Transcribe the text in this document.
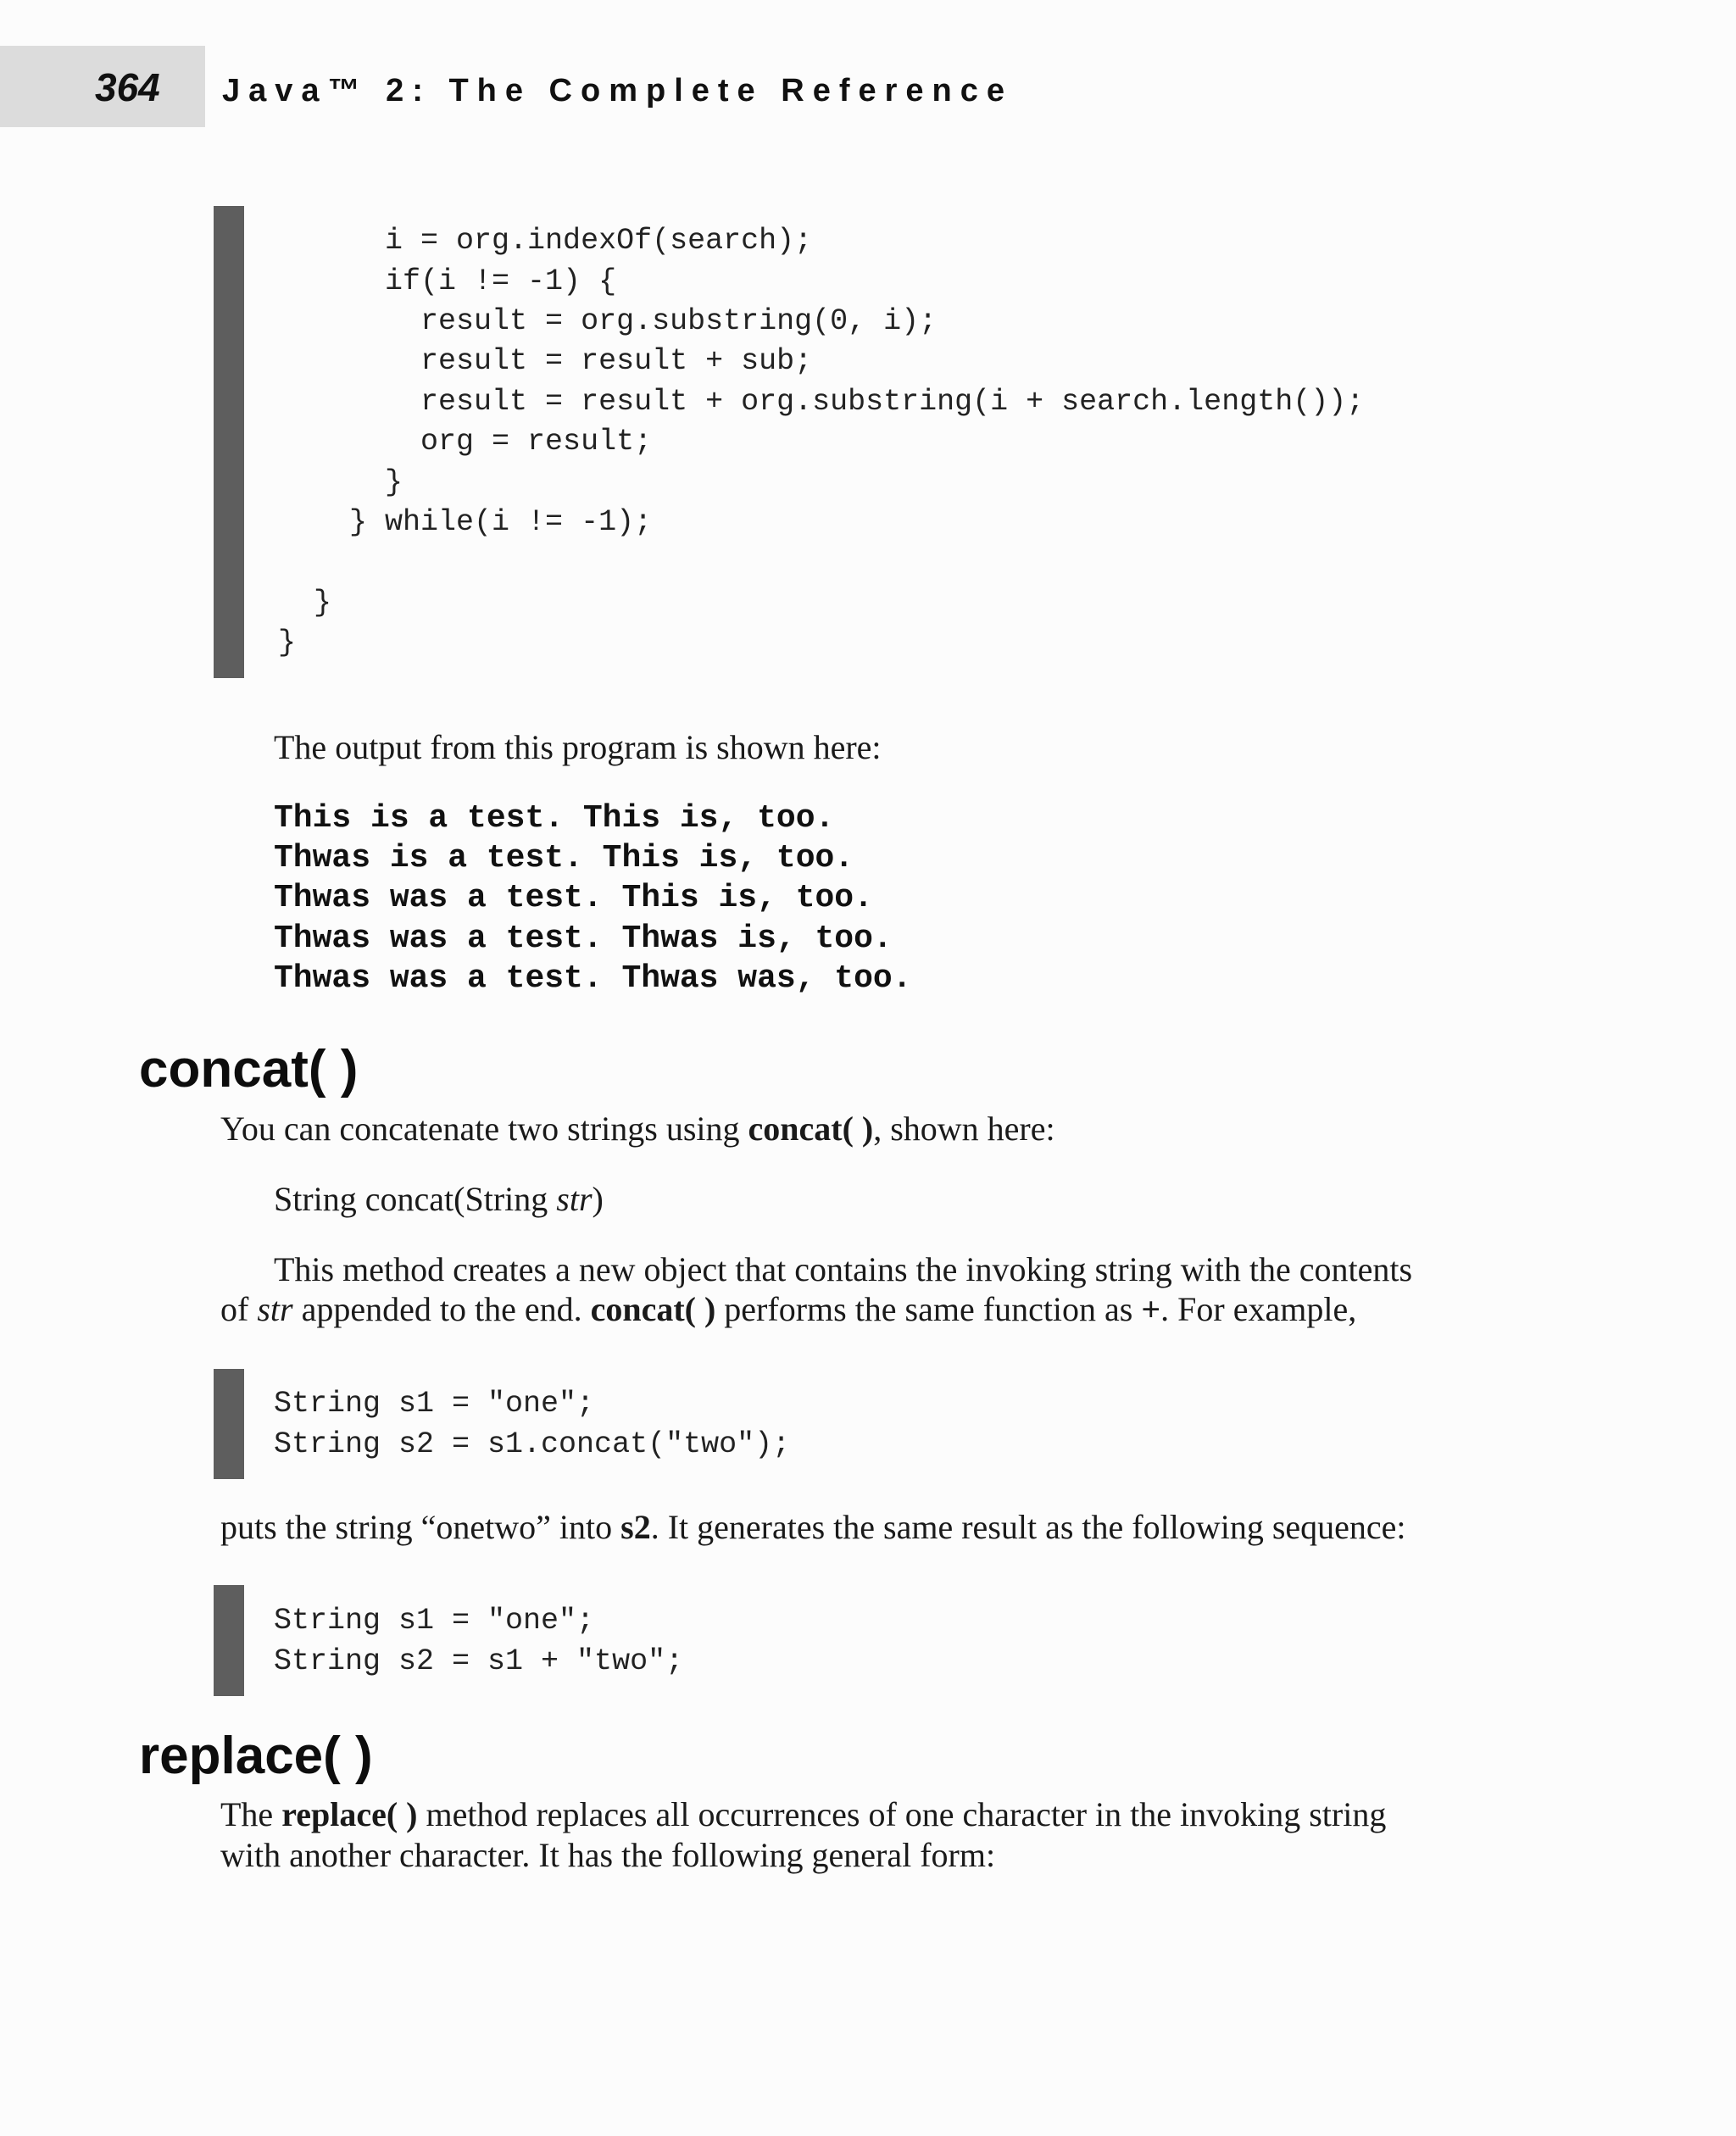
364 Java™ 2: The Complete Reference
i = org.indexOf(search);
if(i != -1) {
result = org.substring(0, i);
result = result + sub;
result = result + org.substring(i + search.length());
org = result;
}
} while(i != -1);
}
}

The output from this program is shown here:

This is a test. This is, too.
Thwas is a test. This is, too.
Thwas was a test. This is, too.
Thwas was a test. Thwas is, too.
Thwas was a test. Thwas was, too.
concat( )

You can concatenate two strings using concat( ), shown here:

String concat(String str)

This method creates a new object that contains the invoking string with the contents

of str appended to the end. concat( ) performs the same function as +. For example,

String s1 = "one";
String s2 = s1.concat("two");

puts the string “onetwo” into s2. It generates the same result as the following sequence:

String s1 = "one";
String s2 = s1 + "two";
replace( )

The replace( ) method replaces all occurrences of one character in the invoking string

with another character. It has the following general form:
